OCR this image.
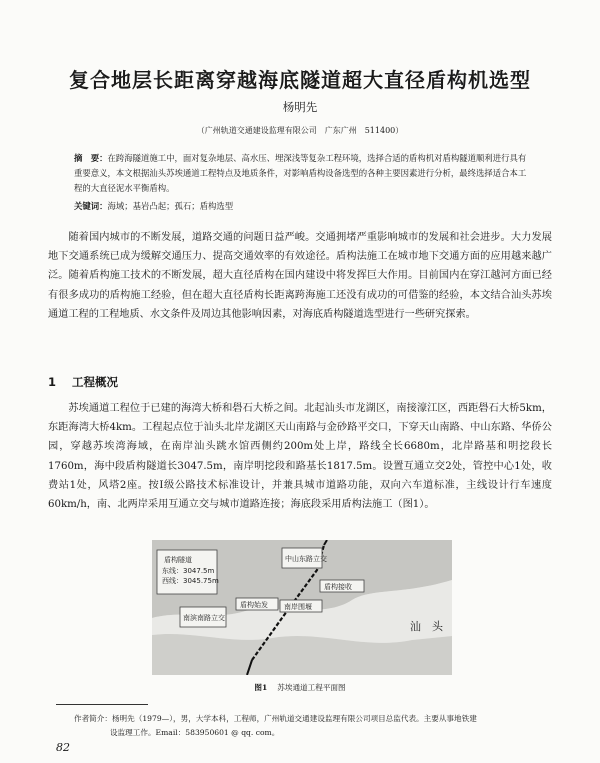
复合地层长距离穿越海底隧道超大直径盾构机选型
杨明先
（广州轨道交通建设监理有限公司　广东广州　511400）
摘　要：在跨海隧道施工中，面对复杂地层、高水压、埋深浅等复杂工程环境，选择合适的盾构机对盾构隧道顺利进行具有重要意义，本文根据汕头苏埃通道工程特点及地质条件，对影响盾构设备选型的各种主要因素进行分析，最终选择适合本工程的大直径泥水平衡盾构。
关键词：海域；基岩凸起；孤石；盾构选型

随着国内城市的不断发展，道路交通的问题日益严峻。交通拥堵严重影响城市的发展和社会进步。大力发展地下交通系统已成为缓解交通压力、提高交通效率的有效途径。盾构法施工在城市地下交通方面的应用越来越广泛。随着盾构施工技术的不断发展，超大直径盾构在国内建设中将发挥巨大作用。目前国内在穿江越河方面已经有很多成功的盾构施工经验，但在超大直径盾构长距离跨海施工还没有成功的可借鉴的经验，本文结合汕头苏埃通道工程的工程地质、水文条件及周边其他影响因素，对海底盾构隧道选型进行一些研究探索。

1 工程概况

苏埃通道工程位于已建的海湾大桥和礐石大桥之间。北起汕头市龙湖区，南接濠江区，西距礐石大桥5km，东距海湾大桥4km。工程起点位于汕头北岸龙湖区天山南路与金砂路平交口，下穿天山南路、中山东路、华侨公园，穿越苏埃湾海域，在南岸汕头跳水馆西侧约200m处上岸，路线全长6680m，北岸路基和明挖段长1760m，海中段盾构隧道长3047.5m，南岸明挖段和路基长1817.5m。设置互通立交2处，管控中心1处，收费站1处，风塔2座。按Ⅰ级公路技术标准设计，并兼具城市道路功能，双向六车道标准，主线设计行车速度60km/h，南、北两岸采用互通立交与城市道路连接；海底段采用盾构法施工（图1）。

盾构隧道
东线：3047.5m
西线：3045.75m
中山东路立交
盾构接收
盾构始发 南岸围堰
南滨南路立交
汕　头
图1 苏埃通道工程平面图
作者简介：杨明先（1979—），男，大学本科，工程师，广州轨道交通建设监理有限公司项目总监代表。主要从事地铁建
设监理工作。Email：583950601 @ qq. com。
82
